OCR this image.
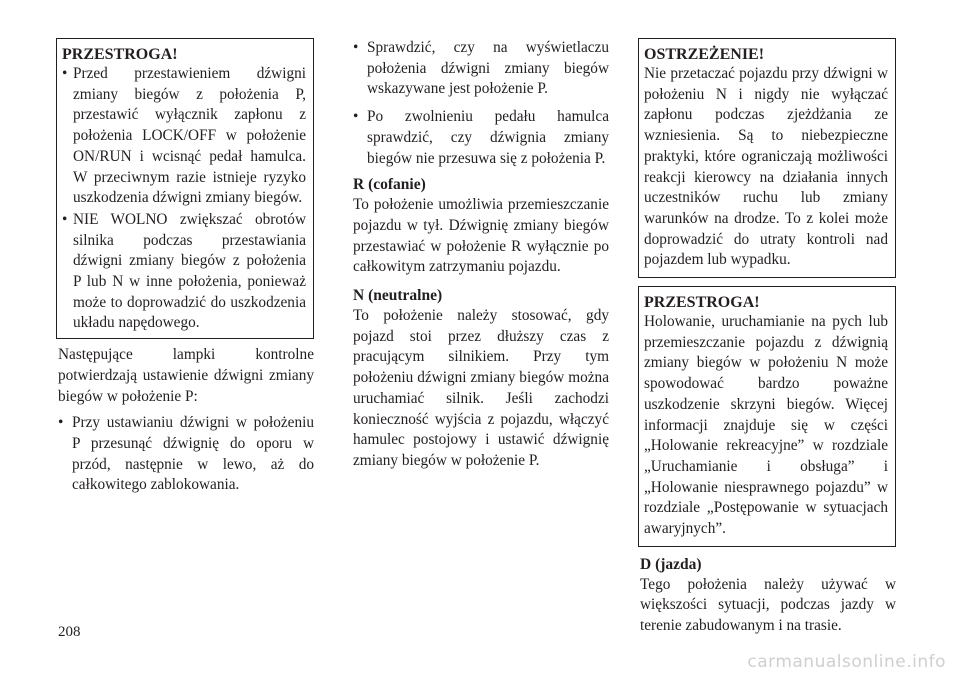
PRZESTROGA!
• Przed przestawieniem dźwigni zmiany biegów z położenia P, przestawić wyłącznik zapłonu z położenia LOCK/OFF w położenie ON/RUN i wcisnąć pedał hamulca. W przeciwnym razie istnieje ryzyko uszkodzenia dźwigni zmiany biegów.
• NIE WOLNO zwiększać obrotów silnika podczas przestawiania dźwigni zmiany biegów z położenia P lub N w inne położenia, ponieważ może to doprowadzić do uszkodzenia układu napędowego.

Następujące lampki kontrolne potwierdzają ustawienie dźwigni zmiany biegów w położenie P:

• Przy ustawianiu dźwigni w położeniu P przesunąć dźwignię do oporu w przód, następnie w lewo, aż do całkowitego zablokowania.
• Sprawdzić, czy na wyświetlaczu położenia dźwigni zmiany biegów wskazywane jest położenie P.
• Po zwolnieniu pedału hamulca sprawdzić, czy dźwignia zmiany biegów nie przesuwa się z położenia P.
R (cofanie)

To położenie umożliwia przemieszczanie pojazdu w tył. Dźwignię zmiany biegów przestawiać w położenie R wyłącznie po całkowitym zatrzymaniu pojazdu.

N (neutralne)

To położenie należy stosować, gdy pojazd stoi przez dłuższy czas z pracującym silnikiem. Przy tym położeniu dźwigni zmiany biegów można uruchamiać silnik. Jeśli zachodzi konieczność wyjścia z pojazdu, włączyć hamulec postojowy i ustawić dźwignię zmiany biegów w położenie P.

OSTRZEŻENIE!

Nie przetaczać pojazdu przy dźwigni w położeniu N i nigdy nie wyłączać zapłonu podczas zjeżdżania ze wzniesienia. Są to niebezpieczne praktyki, które ograniczają możliwości reakcji kierowcy na działania innych uczestników ruchu lub zmiany warunków na drodze. To z kolei może doprowadzić do utraty kontroli nad pojazdem lub wypadku.

PRZESTROGA!

Holowanie, uruchamianie na pych lub przemieszczanie pojazdu z dźwignią zmiany biegów w położeniu N może spowodować bardzo poważne uszkodzenie skrzyni biegów. Więcej informacji znajduje się w części „Holowanie rekreacyjne” w rozdziale „Uruchamianie i obsługa” i „Holowanie niesprawnego pojazdu” w rozdziale „Postępowanie w sytuacjach awaryjnych”.

D (jazda)

Tego położenia należy używać w większości sytuacji, podczas jazdy w terenie zabudowanym i na trasie.

208
carmanualsonline.info
